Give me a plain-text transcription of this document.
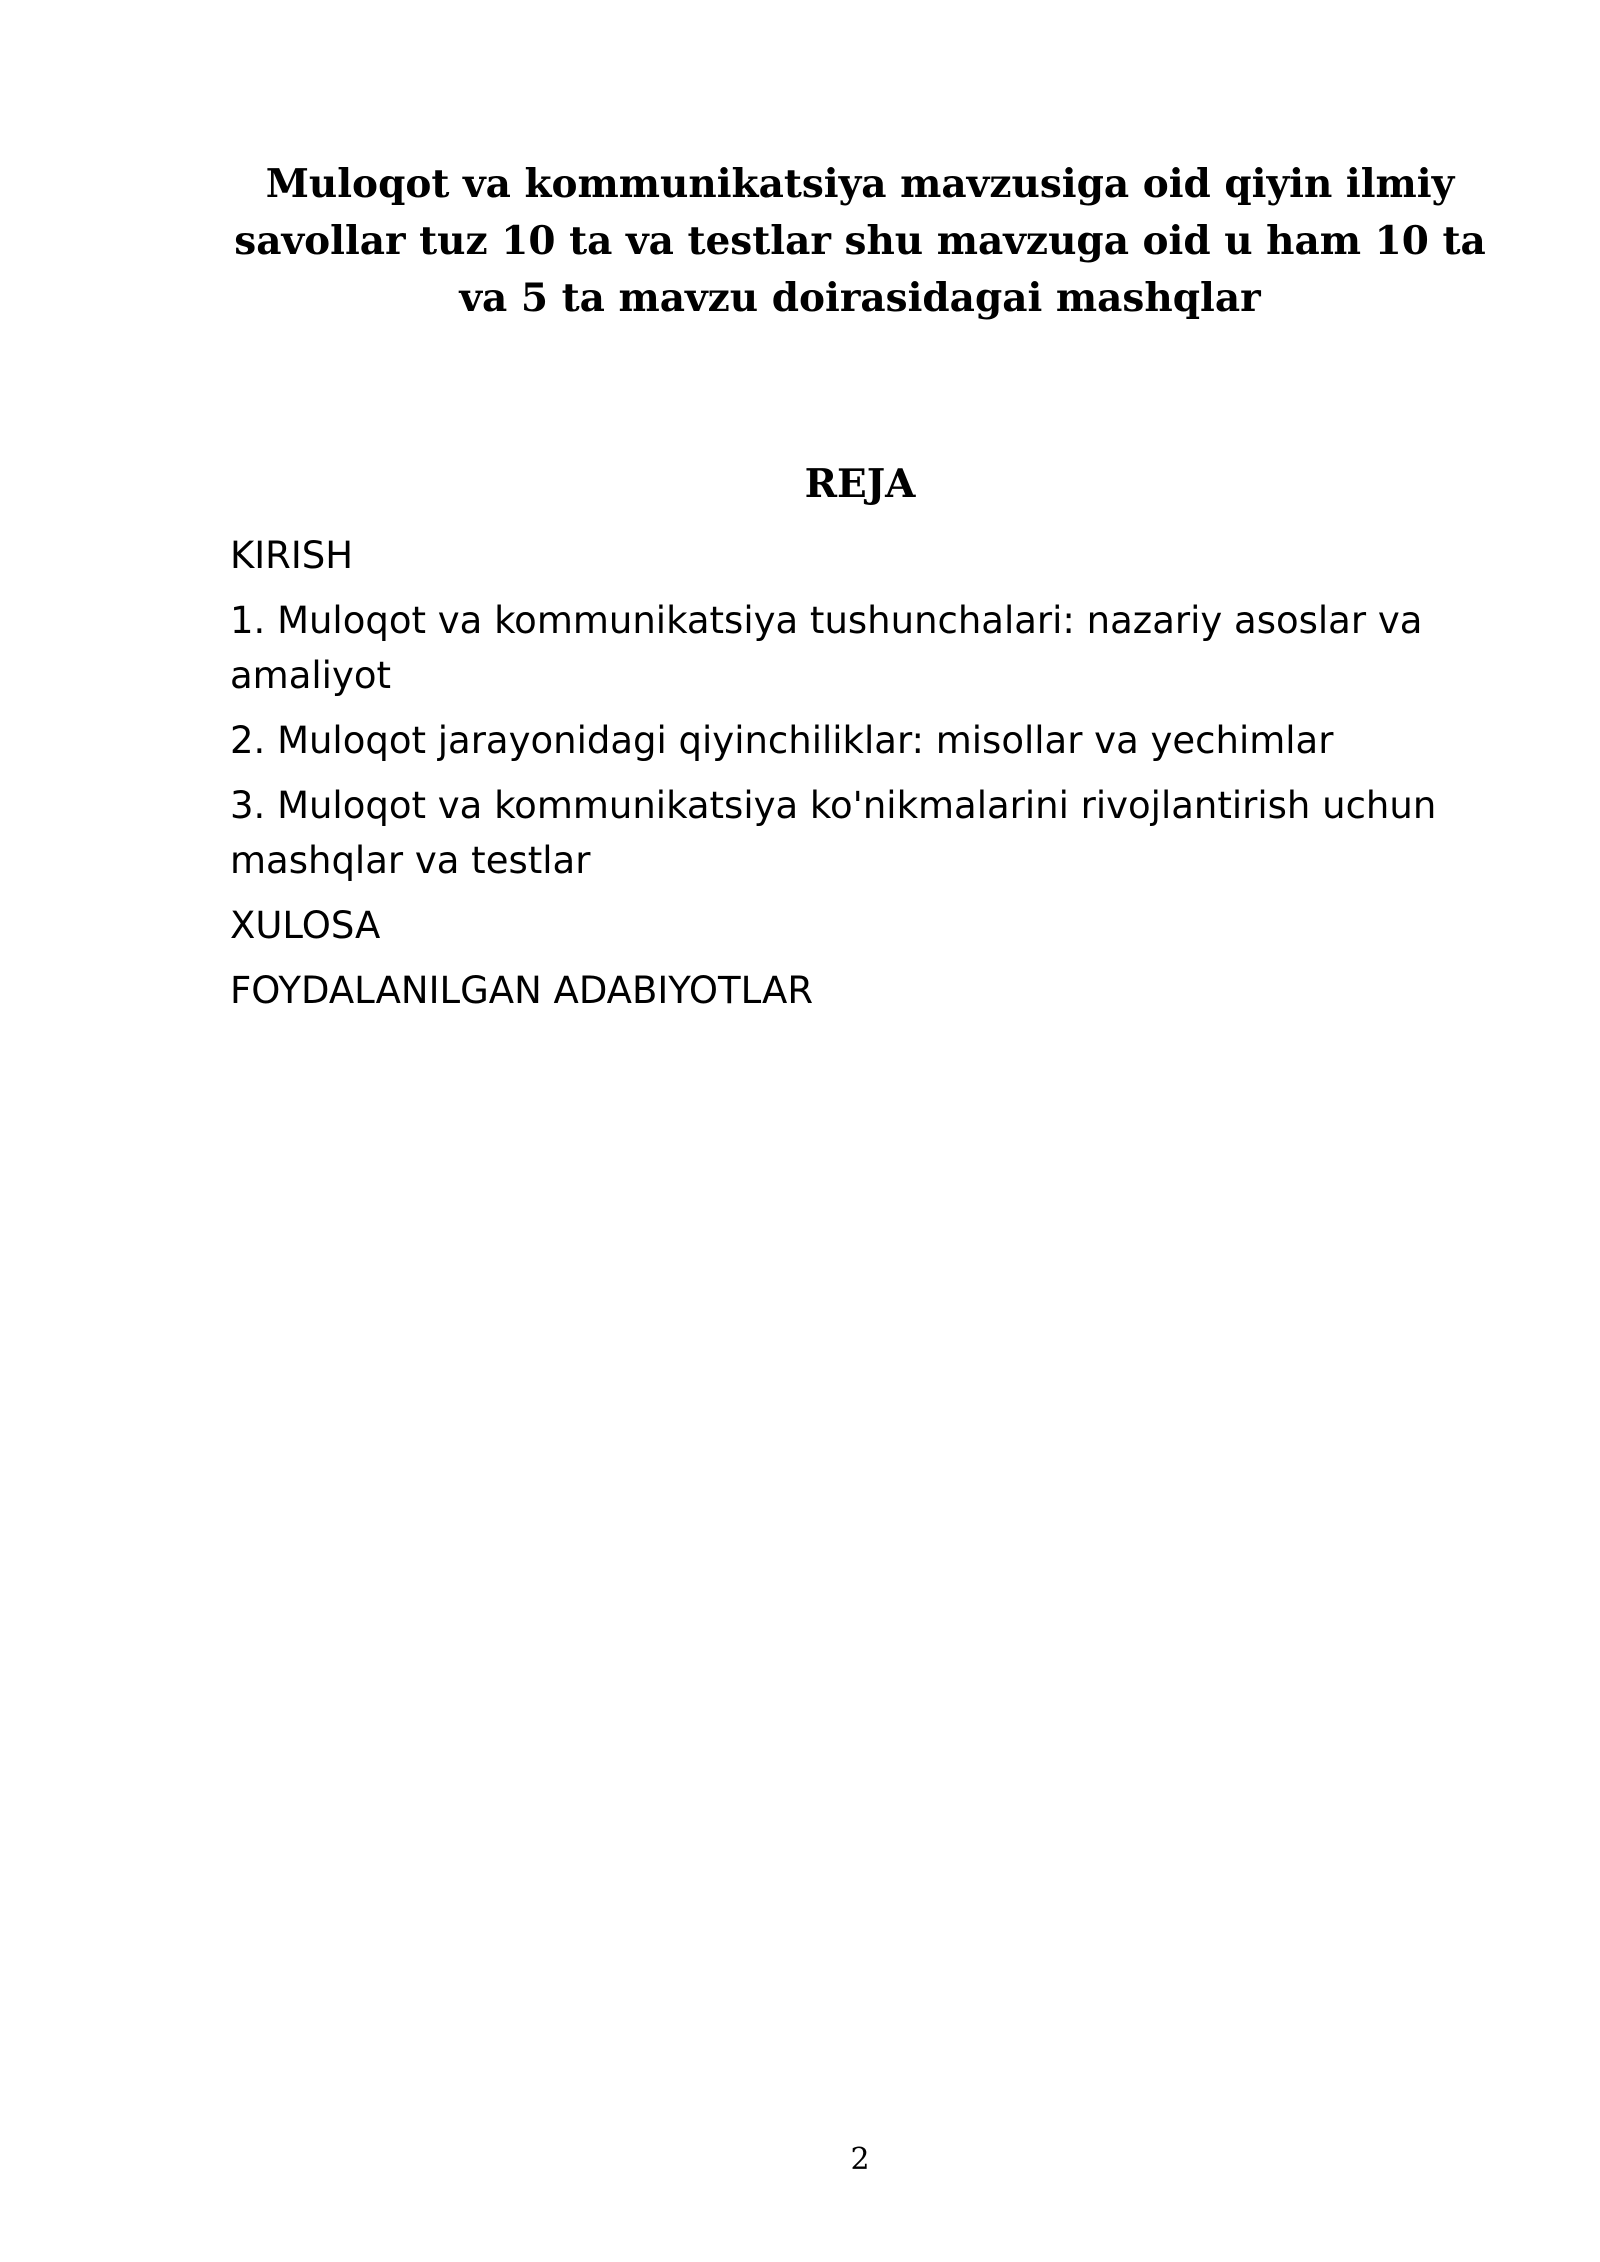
Muloqot va kommunikatsiya mavzusiga oid qiyin ilmiy savollar tuz 10 ta va testlar shu mavzuga oid u ham 10 ta va 5 ta mavzu doirasidagai mashqlar
REJA
KIRISH
1. Muloqot va kommunikatsiya tushunchalari: nazariy asoslar va amaliyot
2. Muloqot jarayonidagi qiyinchiliklar: misollar va yechimlar
3. Muloqot va kommunikatsiya ko'nikmalarini rivojlantirish uchun mashqlar va testlar
XULOSA
FOYDALANILGAN ADABIYOTLAR
2
